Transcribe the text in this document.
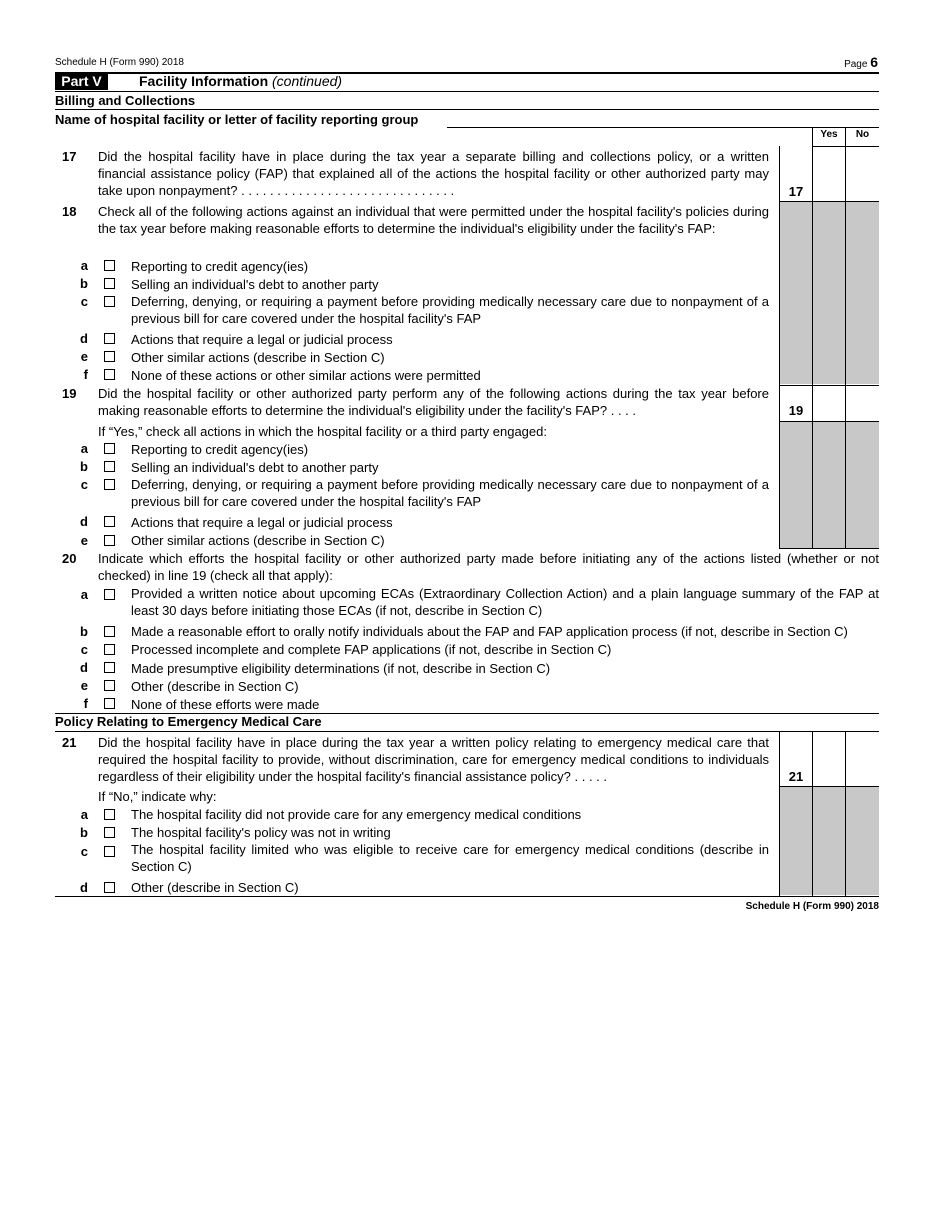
Schedule H (Form 990) 2018	Page 6
Part V	Facility Information (continued)
Billing and Collections
Name of hospital facility or letter of facility reporting group
Yes	No
17	Did the hospital facility have in place during the tax year a separate billing and collections policy, or a written financial assistance policy (FAP) that explained all of the actions the hospital facility or other authorized party may take upon nonpayment? . . . . . . . . . . . . . . . . . . . . . . . . . . . . . .	17
18	Check all of the following actions against an individual that were permitted under the hospital facility's policies during the tax year before making reasonable efforts to determine the individual's eligibility under the facility's FAP:
a	Reporting to credit agency(ies)
b	Selling an individual's debt to another party
c	Deferring, denying, or requiring a payment before providing medically necessary care due to nonpayment of a previous bill for care covered under the hospital facility's FAP
d	Actions that require a legal or judicial process
e	Other similar actions (describe in Section C)
f	None of these actions or other similar actions were permitted
19	Did the hospital facility or other authorized party perform any of the following actions during the tax year before making reasonable efforts to determine the individual's eligibility under the facility's FAP? . . . .	19
If “Yes,” check all actions in which the hospital facility or a third party engaged:
a	Reporting to credit agency(ies)
b	Selling an individual's debt to another party
c	Deferring, denying, or requiring a payment before providing medically necessary care due to nonpayment of a previous bill for care covered under the hospital facility's FAP
d	Actions that require a legal or judicial process
e	Other similar actions (describe in Section C)
20	Indicate which efforts the hospital facility or other authorized party made before initiating any of the actions listed (whether or not checked) in line 19 (check all that apply):
a	Provided a written notice about upcoming ECAs (Extraordinary Collection Action) and a plain language summary of the FAP at least 30 days before initiating those ECAs (if not, describe in Section C)
b	Made a reasonable effort to orally notify individuals about the FAP and FAP application process (if not, describe in Section C)
c	Processed incomplete and complete FAP applications (if not, describe in Section C)
d	Made presumptive eligibility determinations (if not, describe in Section C)
e	Other (describe in Section C)
f	None of these efforts were made
Policy Relating to Emergency Medical Care
21	Did the hospital facility have in place during the tax year a written policy relating to emergency medical care that required the hospital facility to provide, without discrimination, care for emergency medical conditions to individuals regardless of their eligibility under the hospital facility's financial assistance policy? . . . . .	21
If “No,” indicate why:
a	The hospital facility did not provide care for any emergency medical conditions
b	The hospital facility's policy was not in writing
c	The hospital facility limited who was eligible to receive care for emergency medical conditions (describe in Section C)
d	Other (describe in Section C)
Schedule H (Form 990) 2018
